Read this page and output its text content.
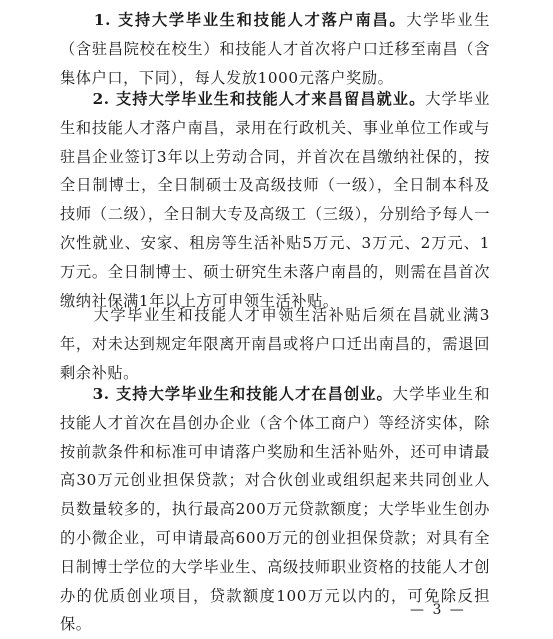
　　1. 支持大学毕业生和技能人才落户南昌。大学毕业生（含驻昌院校在校生）和技能人才首次将户口迁移至南昌（含集体户口，下同），每人发放1000元落户奖励。

　　2. 支持大学毕业生和技能人才来昌留昌就业。大学毕业生和技能人才落户南昌，录用在行政机关、事业单位工作或与驻昌企业签订3年以上劳动合同，并首次在昌缴纳社保的，按全日制博士，全日制硕士及高级技师（一级），全日制本科及技师（二级），全日制大专及高级工（三级），分别给予每人一次性就业、安家、租房等生活补贴5万元、3万元、2万元、1万元。全日制博士、硕士研究生未落户南昌的，则需在昌首次缴纳社保满1年以上方可申领生活补贴。

　　大学毕业生和技能人才申领生活补贴后须在昌就业满3年，对未达到规定年限离开南昌或将户口迁出南昌的，需退回剩余补贴。

　　3. 支持大学毕业生和技能人才在昌创业。大学毕业生和技能人才首次在昌创办企业（含个体工商户）等经济实体，除按前款条件和标准可申请落户奖励和生活补贴外，还可申请最高30万元创业担保贷款；对合伙创业或组织起来共同创业人员数量较多的，执行最高200万元贷款额度；大学毕业生创办的小微企业，可申请最高600万元的创业担保贷款；对具有全日制博士学位的大学毕业生、高级技师职业资格的技能人才创办的优质创业项目，贷款额度100万元以内的，可免除反担保。

— 3 —
